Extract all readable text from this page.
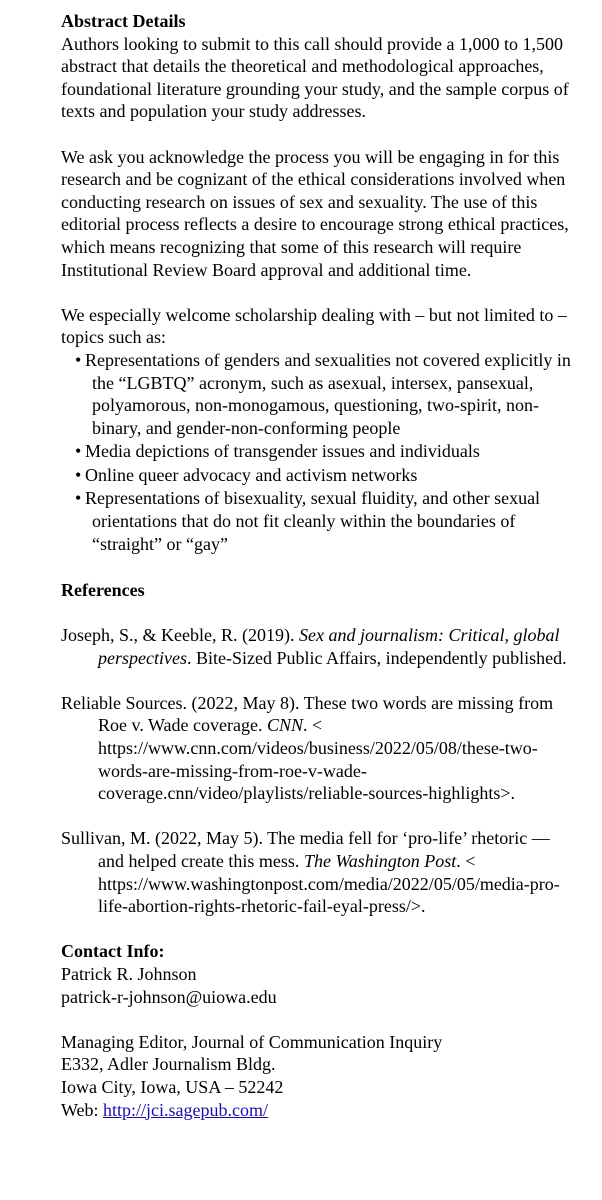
Abstract Details

Authors looking to submit to this call should provide a 1,000 to 1,500 abstract that details the theoretical and methodological approaches, foundational literature grounding your study, and the sample corpus of texts and population your study addresses.

We ask you acknowledge the process you will be engaging in for this research and be cognizant of the ethical considerations involved when conducting research on issues of sex and sexuality. The use of this editorial process reflects a desire to encourage strong ethical practices, which means recognizing that some of this research will require Institutional Review Board approval and additional time.

We especially welcome scholarship dealing with – but not limited to – topics such as:

• Representations of genders and sexualities not covered explicitly in the “LGBTQ” acronym, such as asexual, intersex, pansexual, polyamorous, non-monogamous, questioning, two-spirit, non-binary, and gender-non-conforming people
• Media depictions of transgender issues and individuals
• Online queer advocacy and activism networks
• Representations of bisexuality, sexual fluidity, and other sexual orientations that do not fit cleanly within the boundaries of “straight” or “gay”
References

Joseph, S., & Keeble, R. (2019). Sex and journalism: Critical, global perspectives. Bite-Sized Public Affairs, independently published.

Reliable Sources. (2022, May 8). These two words are missing from Roe v. Wade coverage. CNN. < https://www.cnn.com/videos/business/2022/05/08/these-two-words-are-missing-from-roe-v-wade-coverage.cnn/video/playlists/reliable-sources-highlights>.

Sullivan, M. (2022, May 5). The media fell for ‘pro-life’ rhetoric — and helped create this mess. The Washington Post. < https://www.washingtonpost.com/media/2022/05/05/media-pro-life-abortion-rights-rhetoric-fail-eyal-press/>.

Contact Info:
Patrick R. Johnson
patrick-r-johnson@uiowa.edu
Managing Editor, Journal of Communication Inquiry
E332, Adler Journalism Bldg.
Iowa City, Iowa, USA – 52242
Web: http://jci.sagepub.com/
